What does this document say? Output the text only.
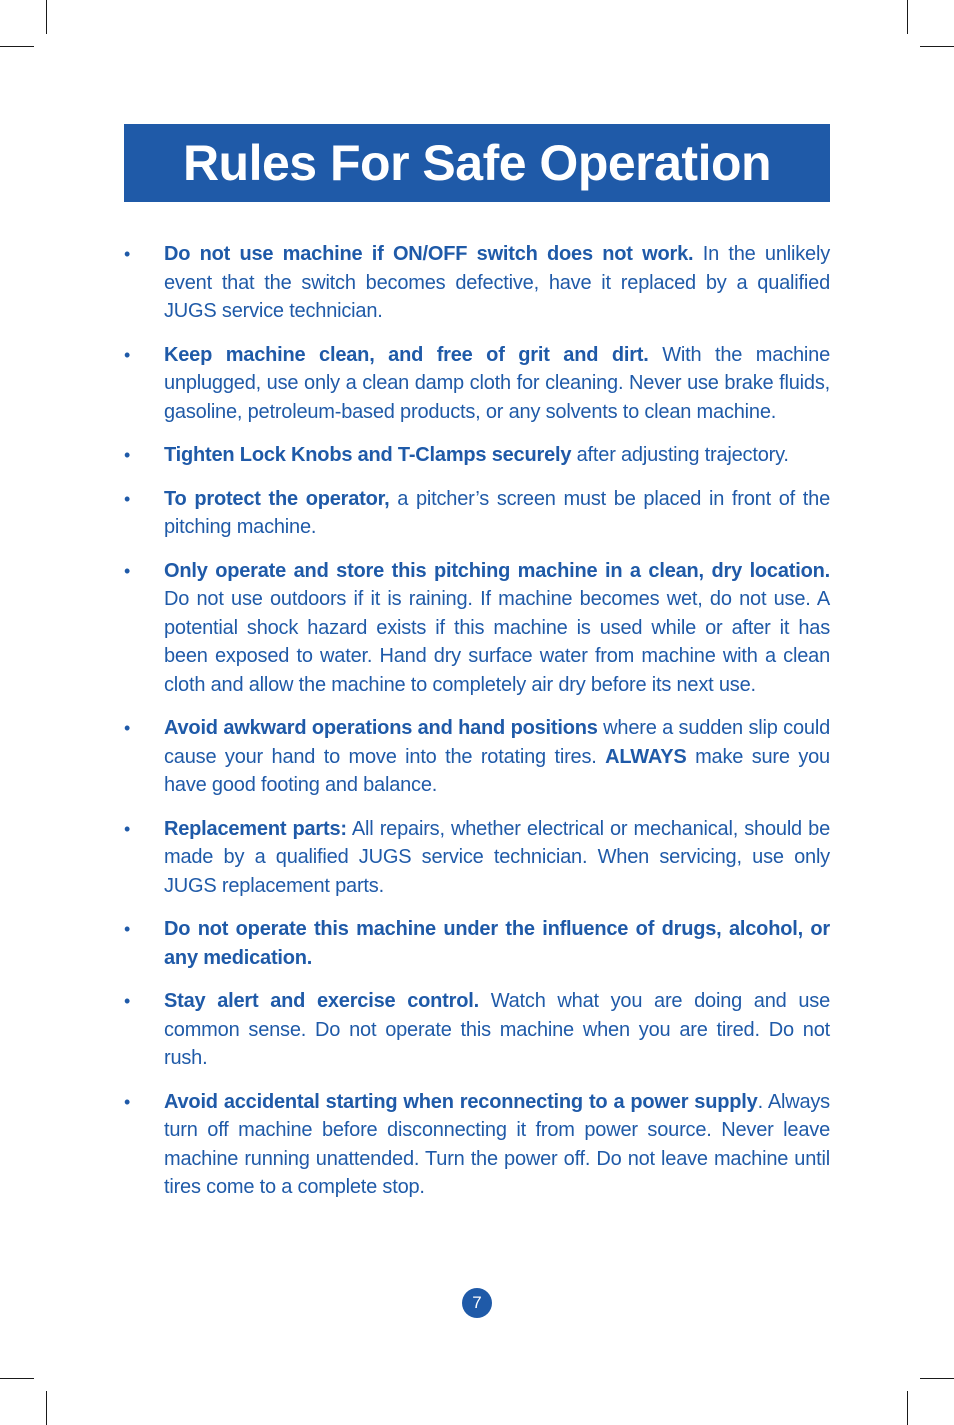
Rules For Safe Operation
• Do not use machine if ON/OFF switch does not work. In the unlikely event that the switch becomes defective, have it replaced by a qualified JUGS service technician.
• Keep machine clean, and free of grit and dirt. With the machine unplugged, use only a clean damp cloth for cleaning. Never use brake fluids, gasoline, petroleum-based products, or any solvents to clean machine.
• Tighten Lock Knobs and T-Clamps securely after adjusting trajectory.
• To protect the operator, a pitcher’s screen must be placed in front of the pitching machine.
• Only operate and store this pitching machine in a clean, dry location. Do not use outdoors if it is raining. If machine becomes wet, do not use. A potential shock hazard exists if this machine is used while or after it has been exposed to water. Hand dry surface water from machine with a clean cloth and allow the machine to completely air dry before its next use.
• Avoid awkward operations and hand positions where a sudden slip could cause your hand to move into the rotating tires. ALWAYS make sure you have good footing and balance.
• Replacement parts: All repairs, whether electrical or mechanical, should be made by a qualified JUGS service technician. When servicing, use only JUGS replacement parts.
• Do not operate this machine under the influence of drugs, alcohol, or any medication.
• Stay alert and exercise control. Watch what you are doing and use common sense. Do not operate this machine when you are tired. Do not rush.
• Avoid accidental starting when reconnecting to a power supply. Always turn off machine before disconnecting it from power source. Never leave machine running unattended. Turn the power off. Do not leave machine until tires come to a complete stop.
7
